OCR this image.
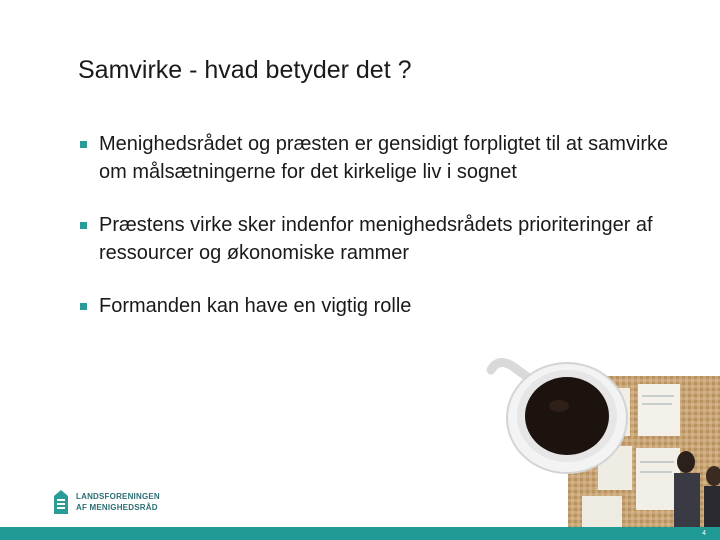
Samvirke - hvad betyder det ?
Menighedsrådet og præsten er gensidigt forpligtet til at samvirke om målsætningerne for det kirkelige liv i sognet
Præstens virke sker indenfor menighedsrådets prioriteringer af ressourcer og økonomiske rammer
Formanden kan have en vigtig rolle
LANDSFORENINGEN
AF MENIGHEDSRÅD
4
